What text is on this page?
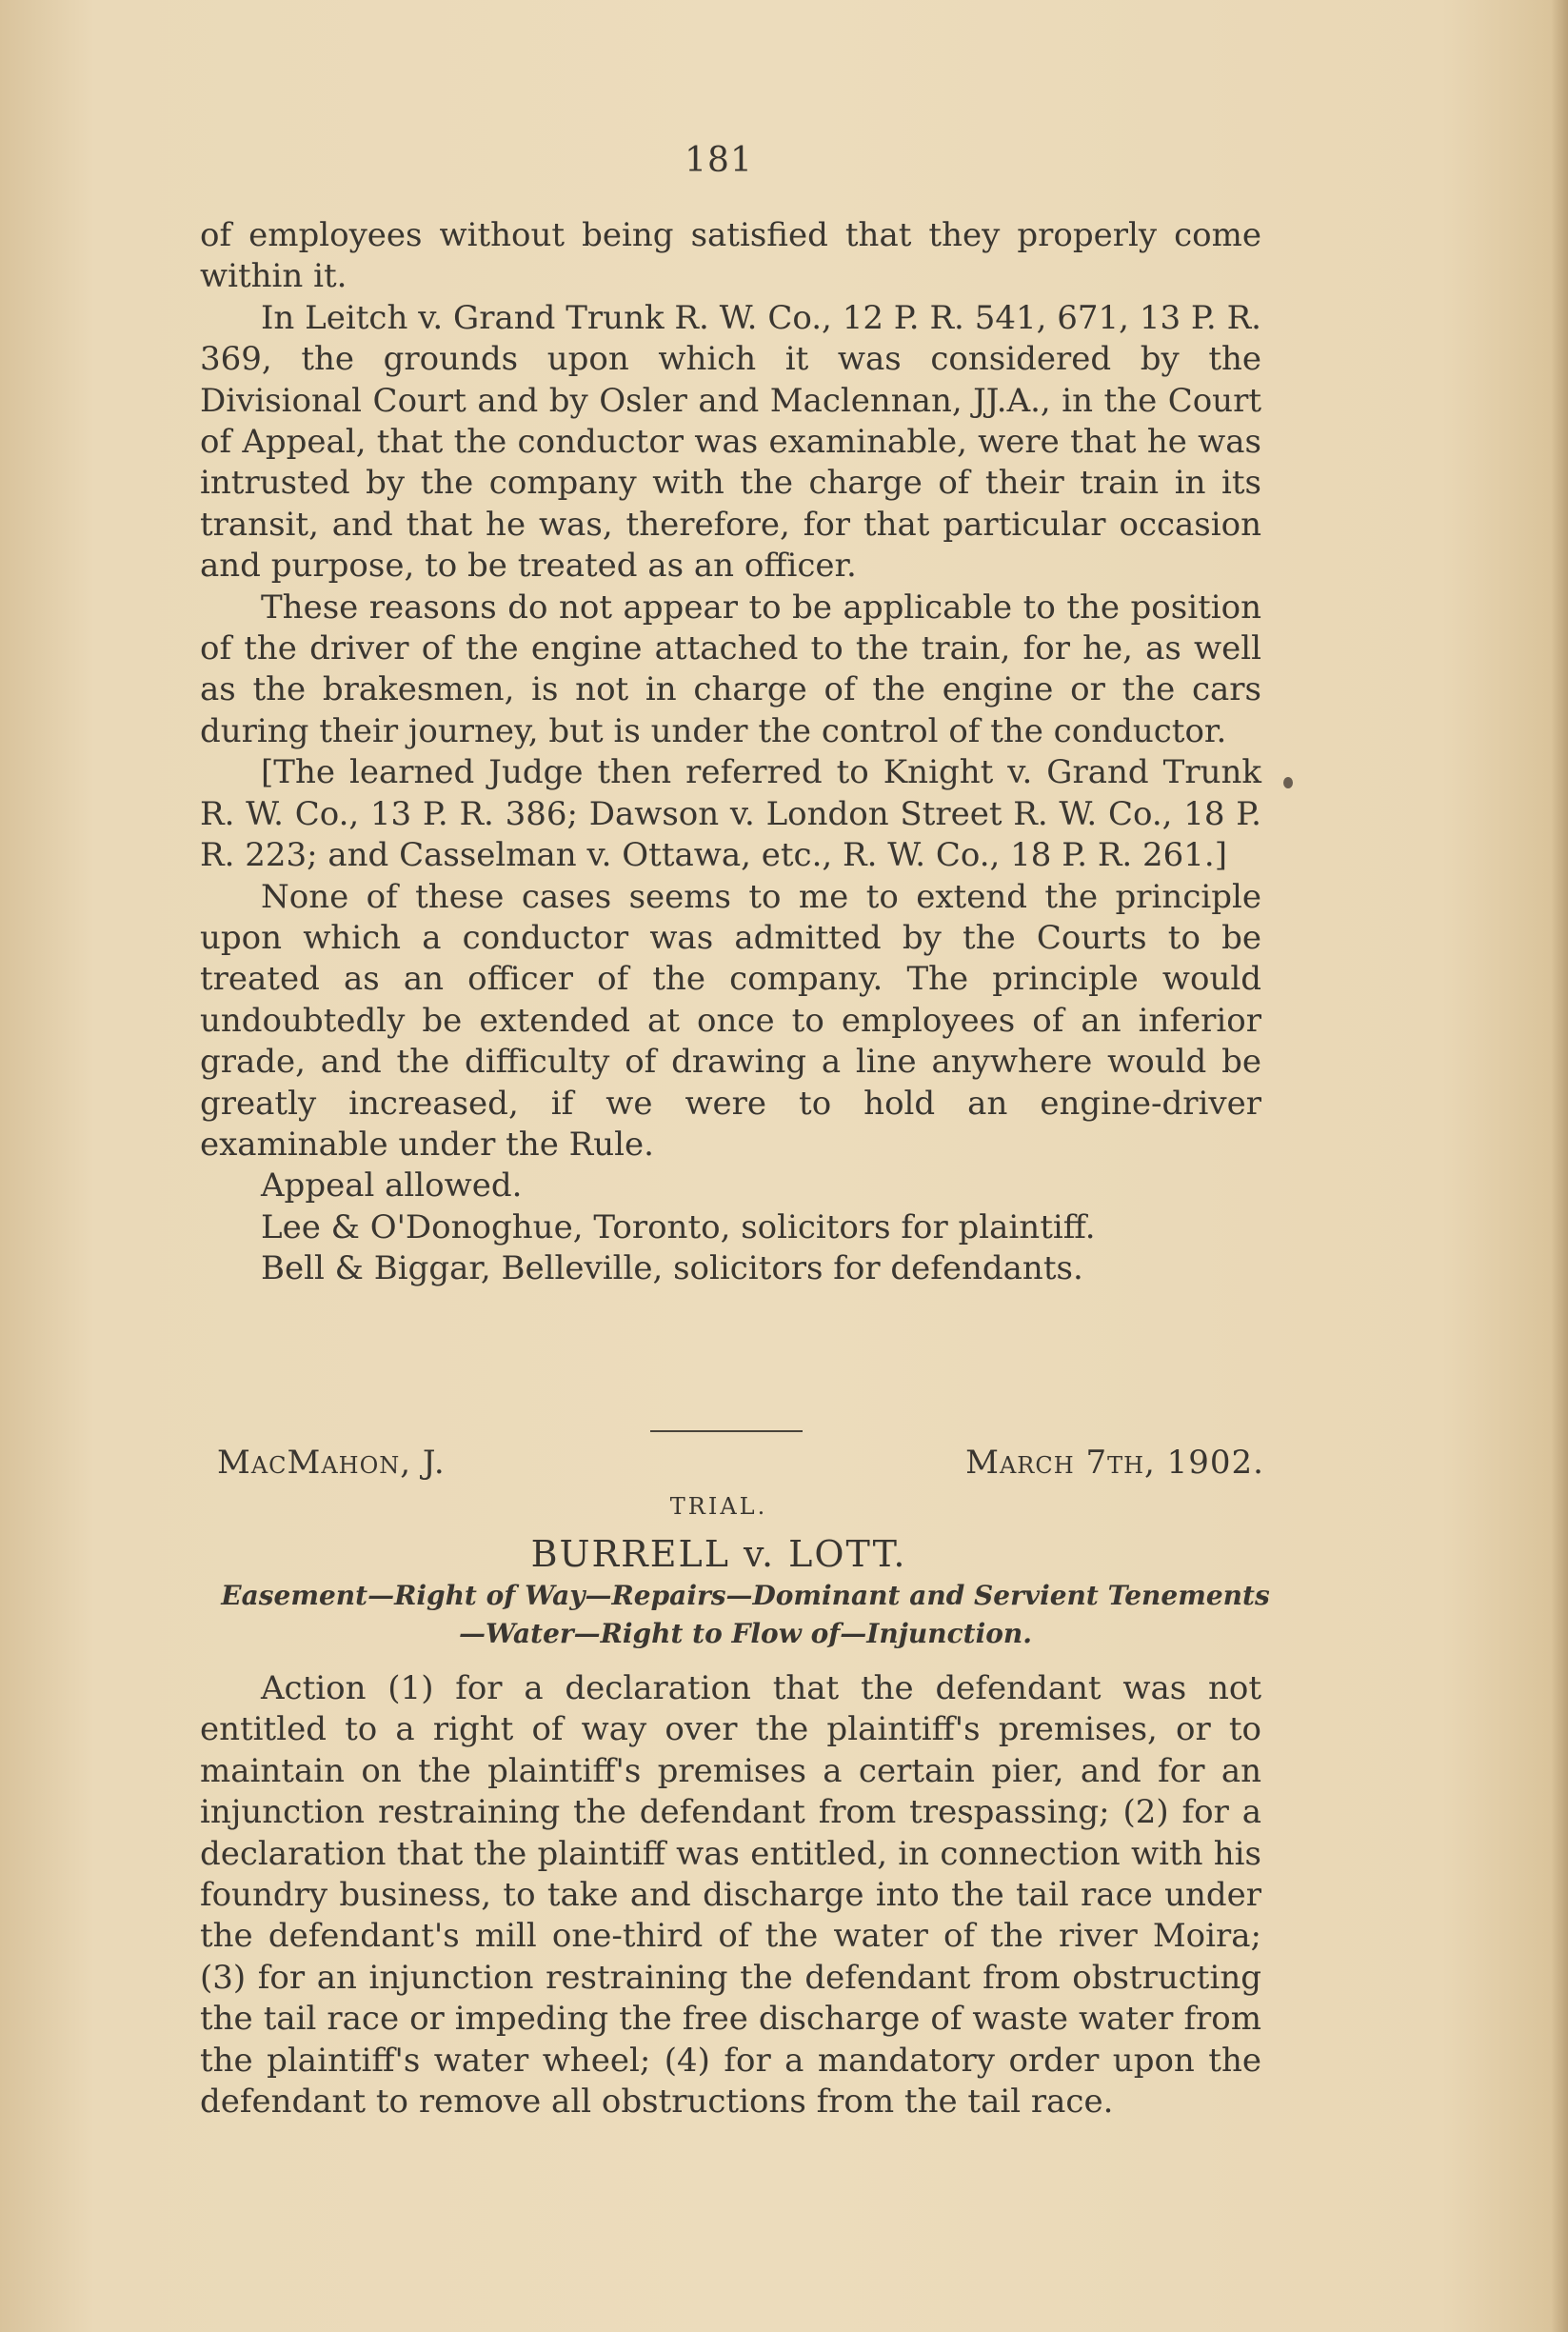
181

of employees without being satisfied that they properly come within it.

In Leitch v. Grand Trunk R. W. Co., 12 P. R. 541, 671, 13 P. R. 369, the grounds upon which it was considered by the Divisional Court and by Osler and Maclennan, JJ.A., in the Court of Appeal, that the conductor was examinable, were that he was intrusted by the company with the charge of their train in its transit, and that he was, therefore, for that particular occasion and purpose, to be treated as an officer.

These reasons do not appear to be applicable to the position of the driver of the engine attached to the train, for he, as well as the brakesmen, is not in charge of the engine or the cars during their journey, but is under the control of the conductor.

[The learned Judge then referred to Knight v. Grand Trunk R. W. Co., 13 P. R. 386; Dawson v. London Street R. W. Co., 18 P. R. 223; and Casselman v. Ottawa, etc., R. W. Co., 18 P. R. 261.]

None of these cases seems to me to extend the principle upon which a conductor was admitted by the Courts to be treated as an officer of the company. The principle would undoubtedly be extended at once to employees of an inferior grade, and the difficulty of drawing a line anywhere would be greatly increased, if we were to hold an engine-driver examinable under the Rule.

Appeal allowed.

Lee & O'Donoghue, Toronto, solicitors for plaintiff.

Bell & Biggar, Belleville, solicitors for defendants.

MacMahon, J.	March 7th, 1902.
TRIAL.
BURRELL v. LOTT.
Easement—Right of Way—Repairs—Dominant and Servient Tenements—Water—Right to Flow of—Injunction.

Action (1) for a declaration that the defendant was not entitled to a right of way over the plaintiff's premises, or to maintain on the plaintiff's premises a certain pier, and for an injunction restraining the defendant from trespassing; (2) for a declaration that the plaintiff was entitled, in connection with his foundry business, to take and discharge into the tail race under the defendant's mill one-third of the water of the river Moira; (3) for an injunction restraining the defendant from obstructing the tail race or impeding the free discharge of waste water from the plaintiff's water wheel; (4) for a mandatory order upon the defendant to remove all obstructions from the tail race.
